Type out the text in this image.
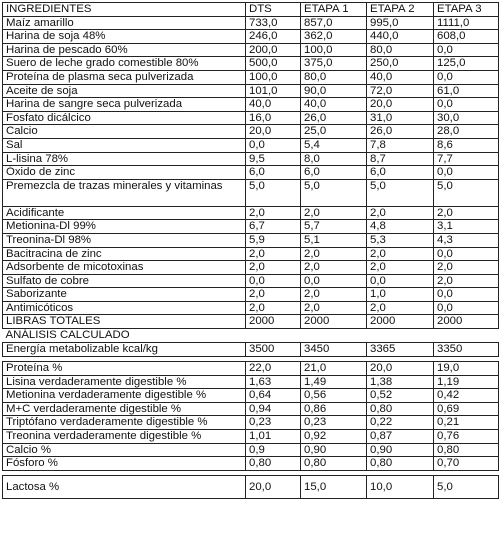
INGREDIENTES	DTS	ETAPA 1	ETAPA 2	ETAPA 3
Maíz amarillo	733,0	857,0	995,0	1111,0
Harina de soja 48%	246,0	362,0	440,0	608,0
Harina de pescado 60%	200,0	100,0	80,0	0,0
Suero de leche grado comestible 80%	500,0	375,0	250,0	125,0
Proteína de plasma seca pulverizada	100,0	80,0	40,0	0,0
Aceite de soja	101,0	90,0	72,0	61,0
Harina de sangre seca pulverizada	40,0	40,0	20,0	0,0
Fosfato dicálcico	16,0	26,0	31,0	30,0
Calcio	20,0	25,0	26,0	28,0
Sal	0,0	5,4	7,8	8,6
L-lisina 78%	9,5	8,0	8,7	7,7
Óxido de zinc	6,0	6,0	6,0	0,0
Premezcla de trazas minerales y vitaminas	5,0	5,0	5,0	5,0
Acidificante	2,0	2,0	2,0	2,0
Metionina-Dl 99%	6,7	5,7	4,8	3,1
Treonina-Dl 98%	5,9	5,1	5,3	4,3
Bacitracina de zinc	2,0	2,0	2,0	0,0
Adsorbente de micotoxinas	2,0	2,0	2,0	2,0
Sulfato de cobre	0,0	0,0	0,0	2,0
Saborizante	2,0	2,0	1,0	0,0
Antimicóticos	2,0	2,0	2,0	0,0
LIBRAS TOTALES	2000	2000	2000	2000
ANÁLISIS CALCULADO				
Energía metabolizable kcal/kg	3500	3450	3365	3350

Proteína %	22,0	21,0	20,0	19,0
Lisina verdaderamente digestible %	1,63	1,49	1,38	1,19
Metionina verdaderamente digestible %	0,64	0,56	0,52	0,42
M+C verdaderamente digestible %	0,94	0,86	0,80	0,69
Triptófano verdaderamente digestible %	0,23	0,23	0,22	0,21
Treonina verdaderamente digestible %	1,01	0,92	0,87	0,76
Calcio %	0,9	0,90	0,90	0,80
Fósforo %	0,80	0,80	0,80	0,70

Lactosa %	20,0	15,0	10,0	5,0
